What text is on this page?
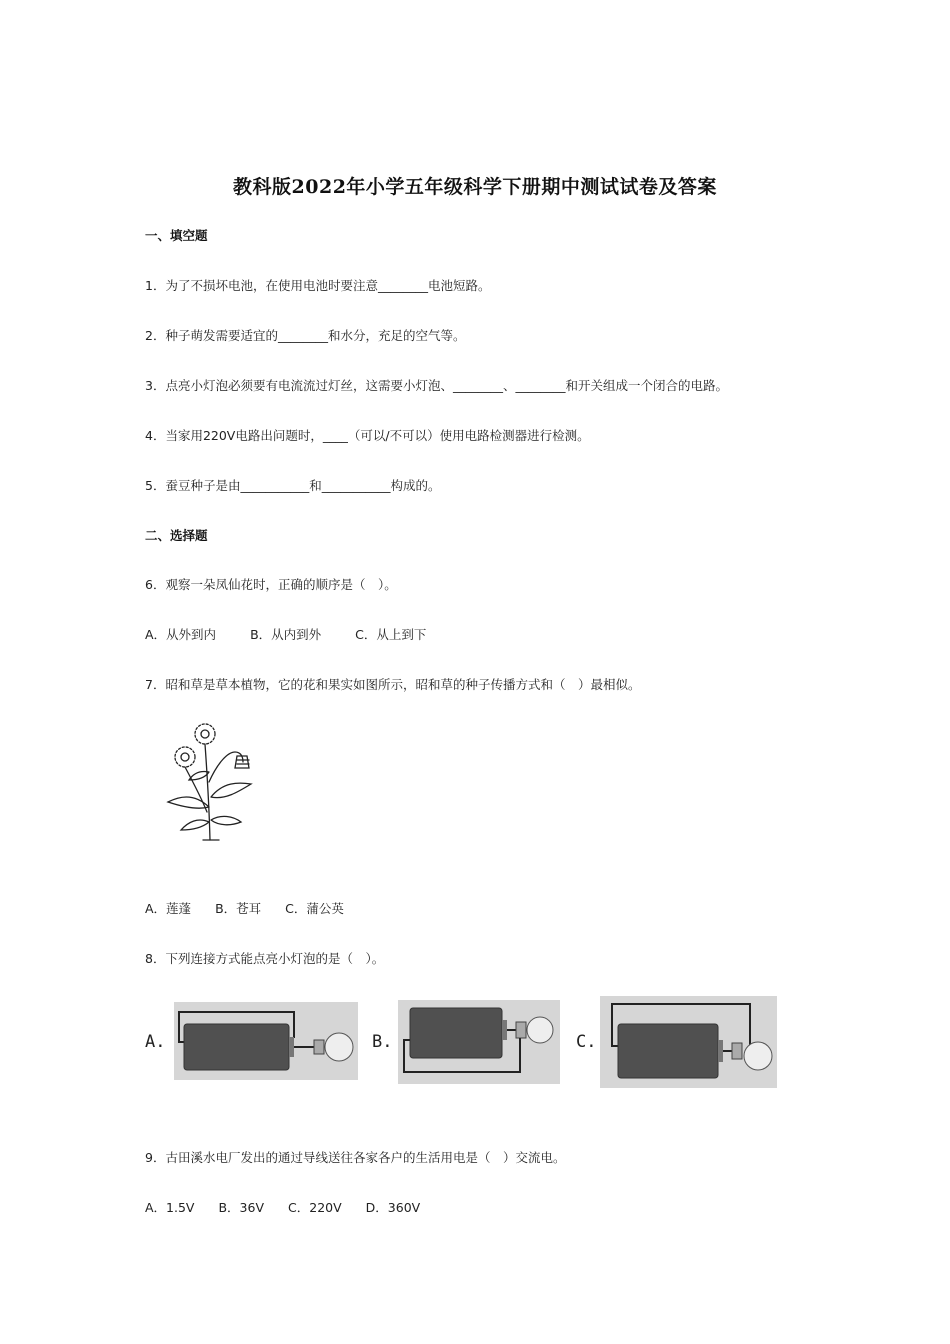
教科版2022年小学五年级科学下册期中测试试卷及答案
一、填空题
1．为了不损坏电池，在使用电池时要注意________电池短路。
2．种子萌发需要适宜的________和水分，充足的空气等。
3．点亮小灯泡必须要有电流流过灯丝，这需要小灯泡、________、________和开关组成一个闭合的电路。
4．当家用220V电路出问题时，____（可以/不可以）使用电路检测器进行检测。
5．蚕豆种子是由___________和___________构成的。
二、选择题
6．观察一朵凤仙花时，正确的顺序是（　）。
A．从外到内	B．从内到外	C．从上到下
7．昭和草是草本植物，它的花和果实如图所示，昭和草的种子传播方式和（　）最相似。
A．莲蓬 B．苍耳 C．蒲公英
8．下列连接方式能点亮小灯泡的是（　）。
A.	B.	C.
9．古田溪水电厂发出的通过导线送往各家各户的生活用电是（　）交流电。
A．1.5V B．36V C．220V D．360V
